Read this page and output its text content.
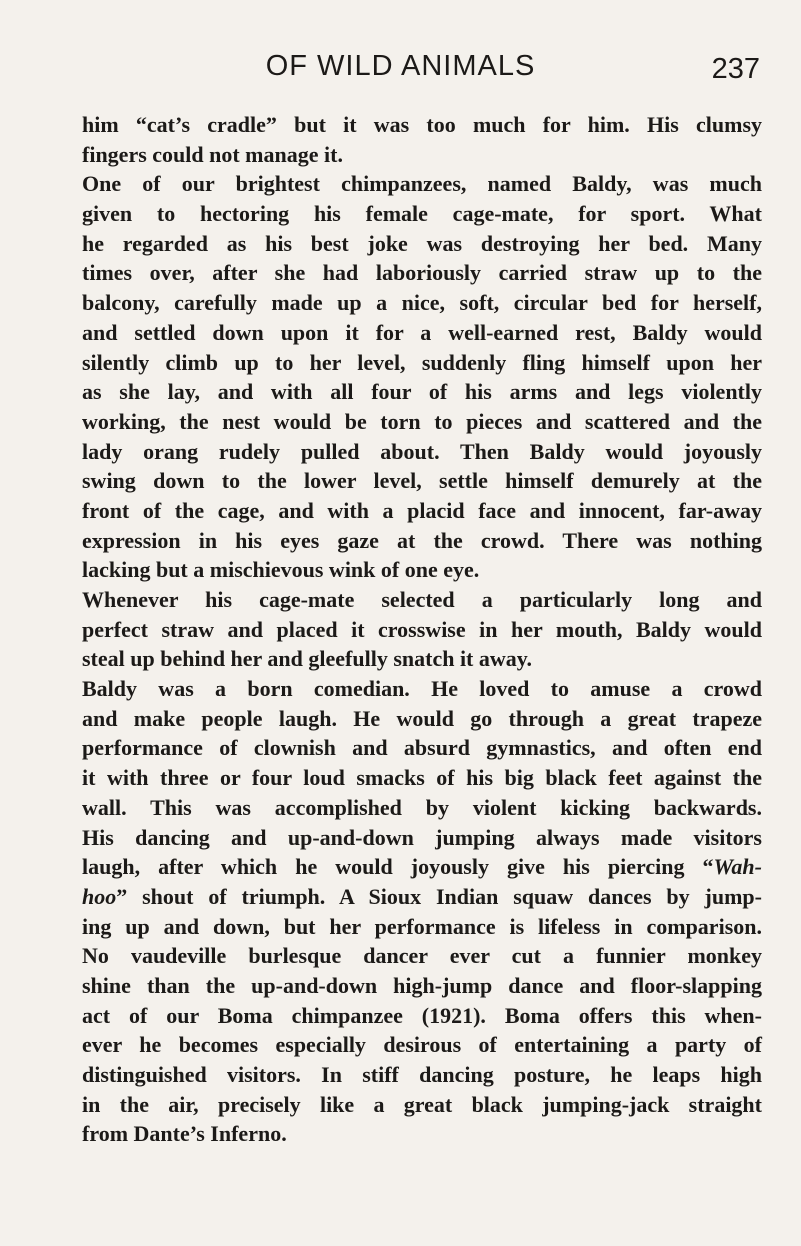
OF WILD ANIMALS	237
him “cat’s cradle” but it was too much for him. His clumsy
fingers could not manage it.
One of our brightest chimpanzees, named Baldy, was much
given to hectoring his female cage-mate, for sport. What
he regarded as his best joke was destroying her bed. Many
times over, after she had laboriously carried straw up to the
balcony, carefully made up a nice, soft, circular bed for herself,
and settled down upon it for a well-earned rest, Baldy would
silently climb up to her level, suddenly fling himself upon her
as she lay, and with all four of his arms and legs violently
working, the nest would be torn to pieces and scattered and the
lady orang rudely pulled about. Then Baldy would joyously
swing down to the lower level, settle himself demurely at the
front of the cage, and with a placid face and innocent, far-away
expression in his eyes gaze at the crowd. There was nothing
lacking but a mischievous wink of one eye.
Whenever his cage-mate selected a particularly long and
perfect straw and placed it crosswise in her mouth, Baldy would
steal up behind her and gleefully snatch it away.
Baldy was a born comedian. He loved to amuse a crowd
and make people laugh. He would go through a great trapeze
performance of clownish and absurd gymnastics, and often end
it with three or four loud smacks of his big black feet against the
wall. This was accomplished by violent kicking backwards.
His dancing and up-and-down jumping always made visitors
laugh, after which he would joyously give his piercing “Wah-
hoo” shout of triumph. A Sioux Indian squaw dances by jump-
ing up and down, but her performance is lifeless in comparison.
No vaudeville burlesque dancer ever cut a funnier monkey
shine than the up-and-down high-jump dance and floor-slapping
act of our Boma chimpanzee (1921). Boma offers this when-
ever he becomes especially desirous of entertaining a party of
distinguished visitors. In stiff dancing posture, he leaps high
in the air, precisely like a great black jumping-jack straight
from Dante’s Inferno.
